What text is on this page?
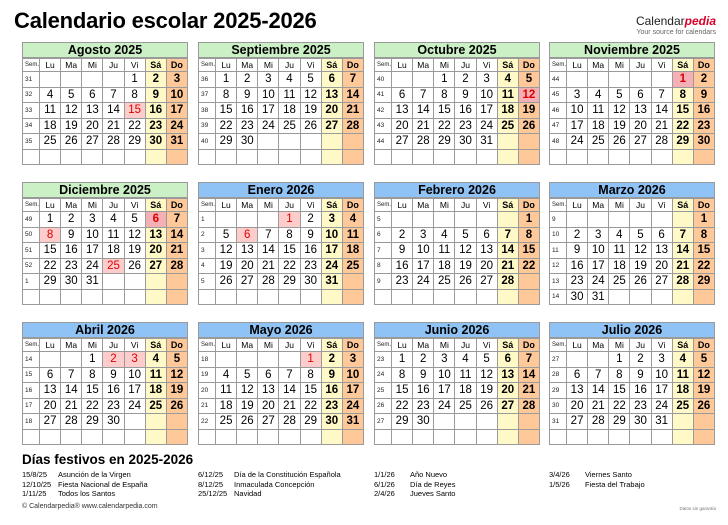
Calendario escolar 2025-2026	Calendarpedia
Your source for calendars
Agosto 2025
Sem.	Lu	Ma	Mi	Ju	Vi	Sá	Do
31					1	2	3
32	4	5	6	7	8	9	10
33	11	12	13	14	15	16	17
34	18	19	20	21	22	23	24
35	25	26	27	28	29	30	31

Septiembre 2025
Sem.	Lu	Ma	Mi	Ju	Vi	Sá	Do
36	1	2	3	4	5	6	7
37	8	9	10	11	12	13	14
38	15	16	17	18	19	20	21
39	22	23	24	25	26	27	28
40	29	30					

Octubre 2025
Sem.	Lu	Ma	Mi	Ju	Vi	Sá	Do
40			1	2	3	4	5
41	6	7	8	9	10	11	12
42	13	14	15	16	17	18	19
43	20	21	22	23	24	25	26
44	27	28	29	30	31		

Noviembre 2025
Sem.	Lu	Ma	Mi	Ju	Vi	Sá	Do
44						1	2
45	3	4	5	6	7	8	9
46	10	11	12	13	14	15	16
47	17	18	19	20	21	22	23
48	24	25	26	27	28	29	30

Diciembre 2025
Sem.	Lu	Ma	Mi	Ju	Vi	Sá	Do
49	1	2	3	4	5	6	7
50	8	9	10	11	12	13	14
51	15	16	17	18	19	20	21
52	22	23	24	25	26	27	28
1	29	30	31				

Enero 2026
Sem.	Lu	Ma	Mi	Ju	Vi	Sá	Do
1				1	2	3	4
2	5	6	7	8	9	10	11
3	12	13	14	15	16	17	18
4	19	20	21	22	23	24	25
5	26	27	28	29	30	31	

Febrero 2026
Sem.	Lu	Ma	Mi	Ju	Vi	Sá	Do
5							1
6	2	3	4	5	6	7	8
7	9	10	11	12	13	14	15
8	16	17	18	19	20	21	22
9	23	24	25	26	27	28	

Marzo 2026
Sem.	Lu	Ma	Mi	Ju	Vi	Sá	Do
9							1
10	2	3	4	5	6	7	8
11	9	10	11	12	13	14	15
12	16	17	18	19	20	21	22
13	23	24	25	26	27	28	29
14	30	31					
Abril 2026
Sem.	Lu	Ma	Mi	Ju	Vi	Sá	Do
14			1	2	3	4	5
15	6	7	8	9	10	11	12
16	13	14	15	16	17	18	19
17	20	21	22	23	24	25	26
18	27	28	29	30			

Mayo 2026
Sem.	Lu	Ma	Mi	Ju	Vi	Sá	Do
18					1	2	3
19	4	5	6	7	8	9	10
20	11	12	13	14	15	16	17
21	18	19	20	21	22	23	24
22	25	26	27	28	29	30	31

Junio 2026
Sem.	Lu	Ma	Mi	Ju	Vi	Sá	Do
23	1	2	3	4	5	6	7
24	8	9	10	11	12	13	14
25	15	16	17	18	19	20	21
26	22	23	24	25	26	27	28
27	29	30					

Julio 2026
Sem.	Lu	Ma	Mi	Ju	Vi	Sá	Do
27			1	2	3	4	5
28	6	7	8	9	10	11	12
29	13	14	15	16	17	18	19
30	20	21	22	23	24	25	26
31	27	28	29	30	31		

Días festivos en 2025-2026
15/8/25 Asunción de la Virgen
12/10/25 Fiesta Nacional de España
1/11/25 Todos los Santos
6/12/25 Día de la Constitución Española
8/12/25 Inmaculada Concepción
25/12/25 Navidad
1/1/26 Año Nuevo
6/1/26 Día de Reyes
2/4/26 Jueves Santo
3/4/26 Viernes Santo
1/5/26 Fiesta del Trabajo
© Calendarpedia® www.calendarpedia.com	Datos sin garantía
